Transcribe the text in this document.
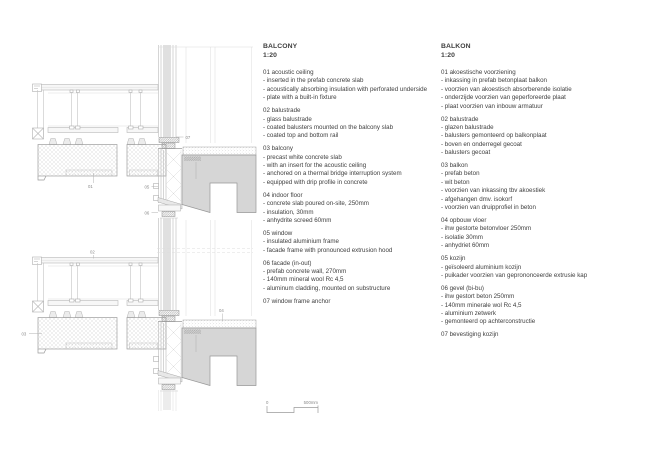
07
01	05
06
02
03
04
0	500mm
BALCONY
1:20
01 acoustic ceiling
- inserted in the prefab concrete slab
- acoustically absorbing insulation with perforated underside
- plate with a built-in fixture
02 balustrade
- glass balustrade
- coated balusters mounted on the balcony slab
- coated top and bottom rail
03 balcony
- precast white concrete slab
- with an insert for the acoustic ceiling
- anchored on a thermal bridge interruption system
- equipped with drip profile in concrete
04 indoor floor
- concrete slab poured on-site, 250mm
- insulation, 30mm
- anhydrite screed 60mm
05 window
- insulated aluminium frame
- facade frame with pronounced extrusion hood
06 facade (in-out)
- prefab concrete wall, 270mm
- 140mm mineral wool Rc 4,5
- aluminum cladding, mounted on substructure
07 window frame anchor
BALKON
1:20
01 akoestische voorziening
- inkassing in prefab betonplaat balkon
- voorzien van akoestisch absorberende isolatie
- onderzijde voorzien van geperforeerde plaat
- plaat voorzien van inbouw armatuur
02 balustrade
- glazen balustrade
- balusters gemonteerd op balkonplaat
- boven en onderregel gecoat
- balusters gecoat
03 balkon
- prefab beton
- wit beton
- voorzien van inkassing tbv akoestiek
- afgehangen dmv. isokorf
- voorzien van druipprofiel in beton
04 opbouw vloer
- ihw gestorte betonvloer 250mm
- isolatie 30mm
- anhydriet 60mm
05 kozijn
- geïsoleerd aluminium kozijn
- puikader voorzien van geprononceerde extrusie kap
06 gevel (bi-bu)
- ihw gestort beton 250mm
- 140mm minerale wol Rc 4,5
- aluminium zetwerk
- gemonteerd op achterconstructie
07 bevestiging kozijn
